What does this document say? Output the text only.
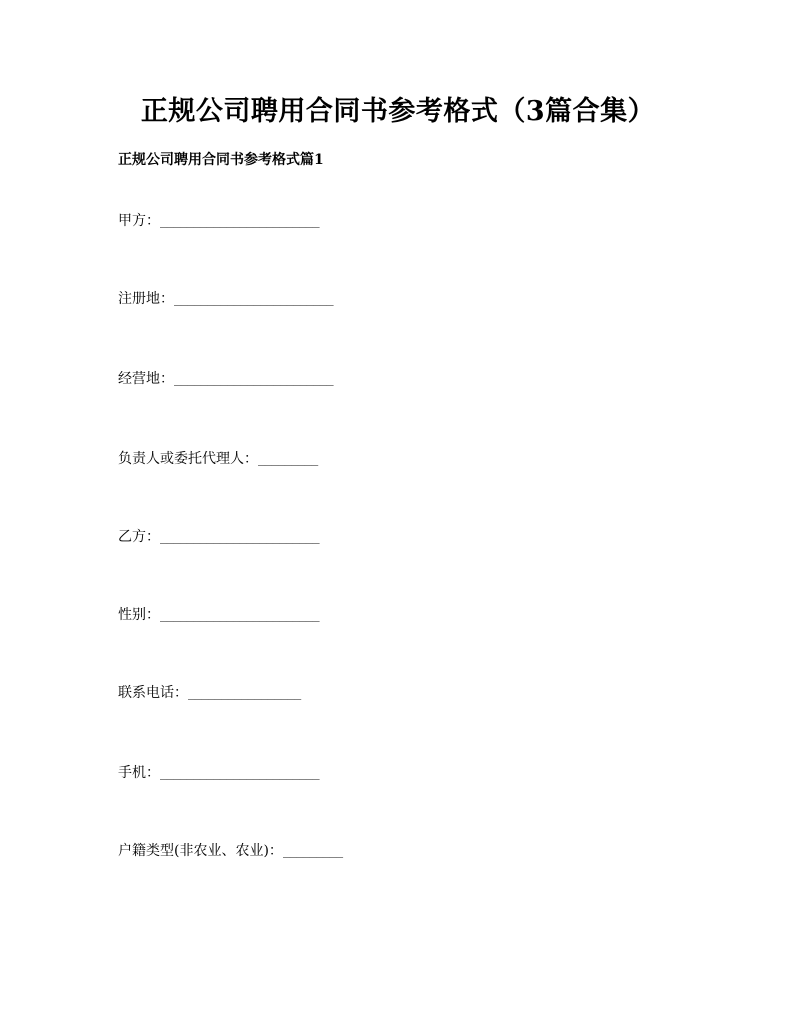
正规公司聘用合同书参考格式（3篇合集）
正规公司聘用合同书参考格式篇1
甲方：________________________
注册地：________________________
经营地：________________________
负责人或委托代理人：_________
乙方：________________________
性别：________________________
联系电话：_________________
手机：________________________
户籍类型(非农业、农业)：_________
